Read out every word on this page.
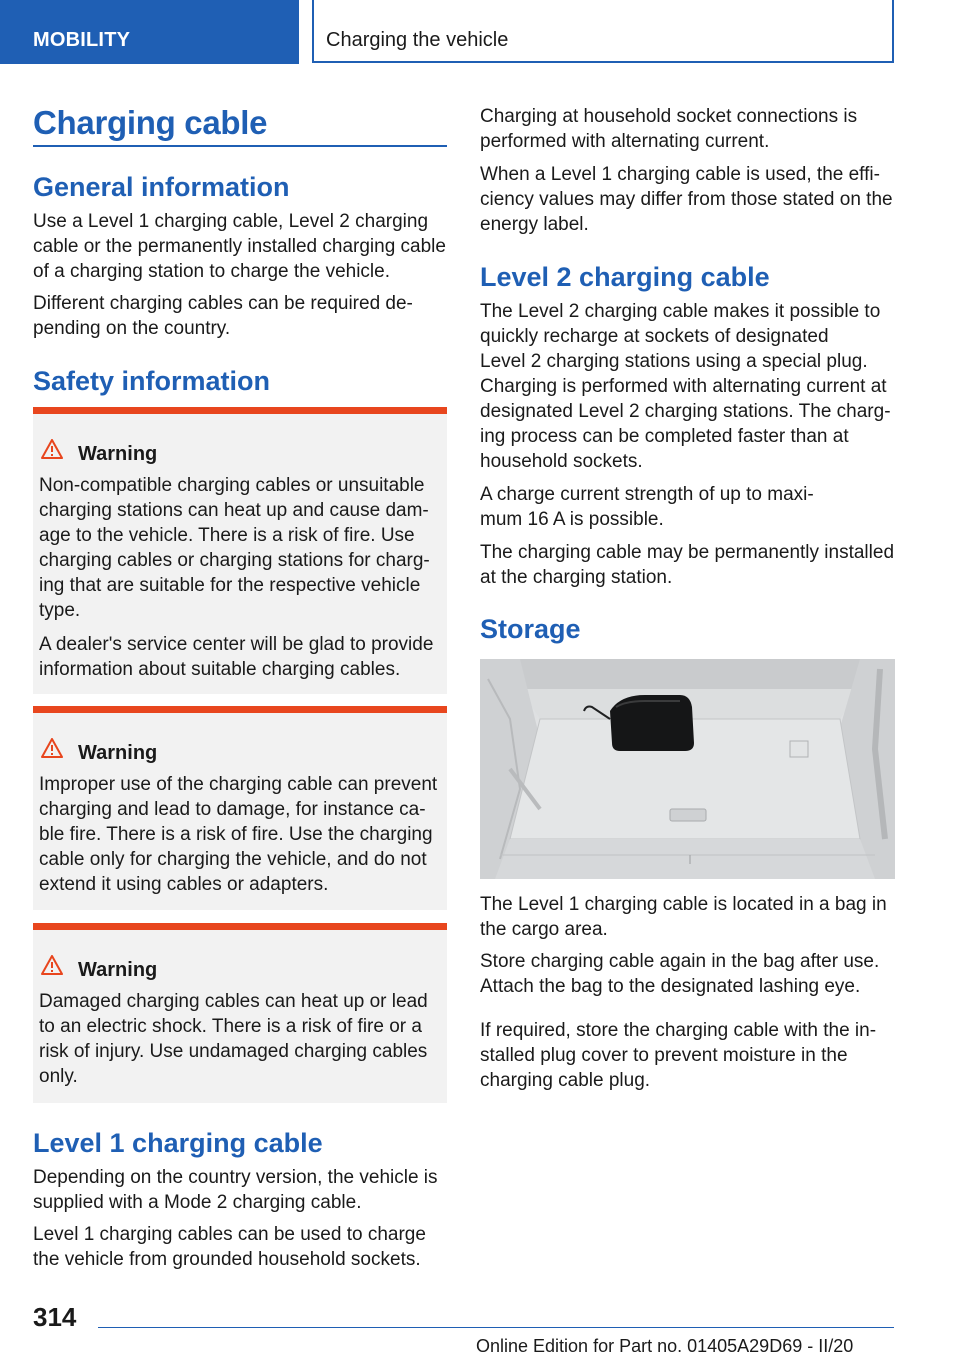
MOBILITY	Charging the vehicle
Charging cable
General information
Use a Level 1 charging cable, Level 2 charging
cable or the permanently installed charging cable
of a charging station to charge the vehicle.
Different charging cables can be required de‐
pending on the country.
Safety information
Warning
Non-compatible charging cables or unsuitable
charging stations can heat up and cause dam‐
age to the vehicle. There is a risk of fire. Use
charging cables or charging stations for charg‐
ing that are suitable for the respective vehicle
type.
A dealer's service center will be glad to provide
information about suitable charging cables.
Warning
Improper use of the charging cable can prevent
charging and lead to damage, for instance ca‐
ble fire. There is a risk of fire. Use the charging
cable only for charging the vehicle, and do not
extend it using cables or adapters.
Warning
Damaged charging cables can heat up or lead
to an electric shock. There is a risk of fire or a
risk of injury. Use undamaged charging cables
only.
Level 1 charging cable
Depending on the country version, the vehicle is
supplied with a Mode 2 charging cable.
Level 1 charging cables can be used to charge
the vehicle from grounded household sockets.
Charging at household socket connections is
performed with alternating current.
When a Level 1 charging cable is used, the effi‐
ciency values may differ from those stated on the
energy label.
Level 2 charging cable
The Level 2 charging cable makes it possible to
quickly recharge at sockets of designated
Level 2 charging stations using a special plug.
Charging is performed with alternating current at
designated Level 2 charging stations. The charg‐
ing process can be completed faster than at
household sockets.
A charge current strength of up to maxi‐
mum 16 A is possible.
The charging cable may be permanently installed
at the charging station.
Storage
The Level 1 charging cable is located in a bag in
the cargo area.
Store charging cable again in the bag after use.
Attach the bag to the designated lashing eye.
If required, store the charging cable with the in‐
stalled plug cover to prevent moisture in the
charging cable plug.
314
Online Edition for Part no. 01405A29D69 - II/20
